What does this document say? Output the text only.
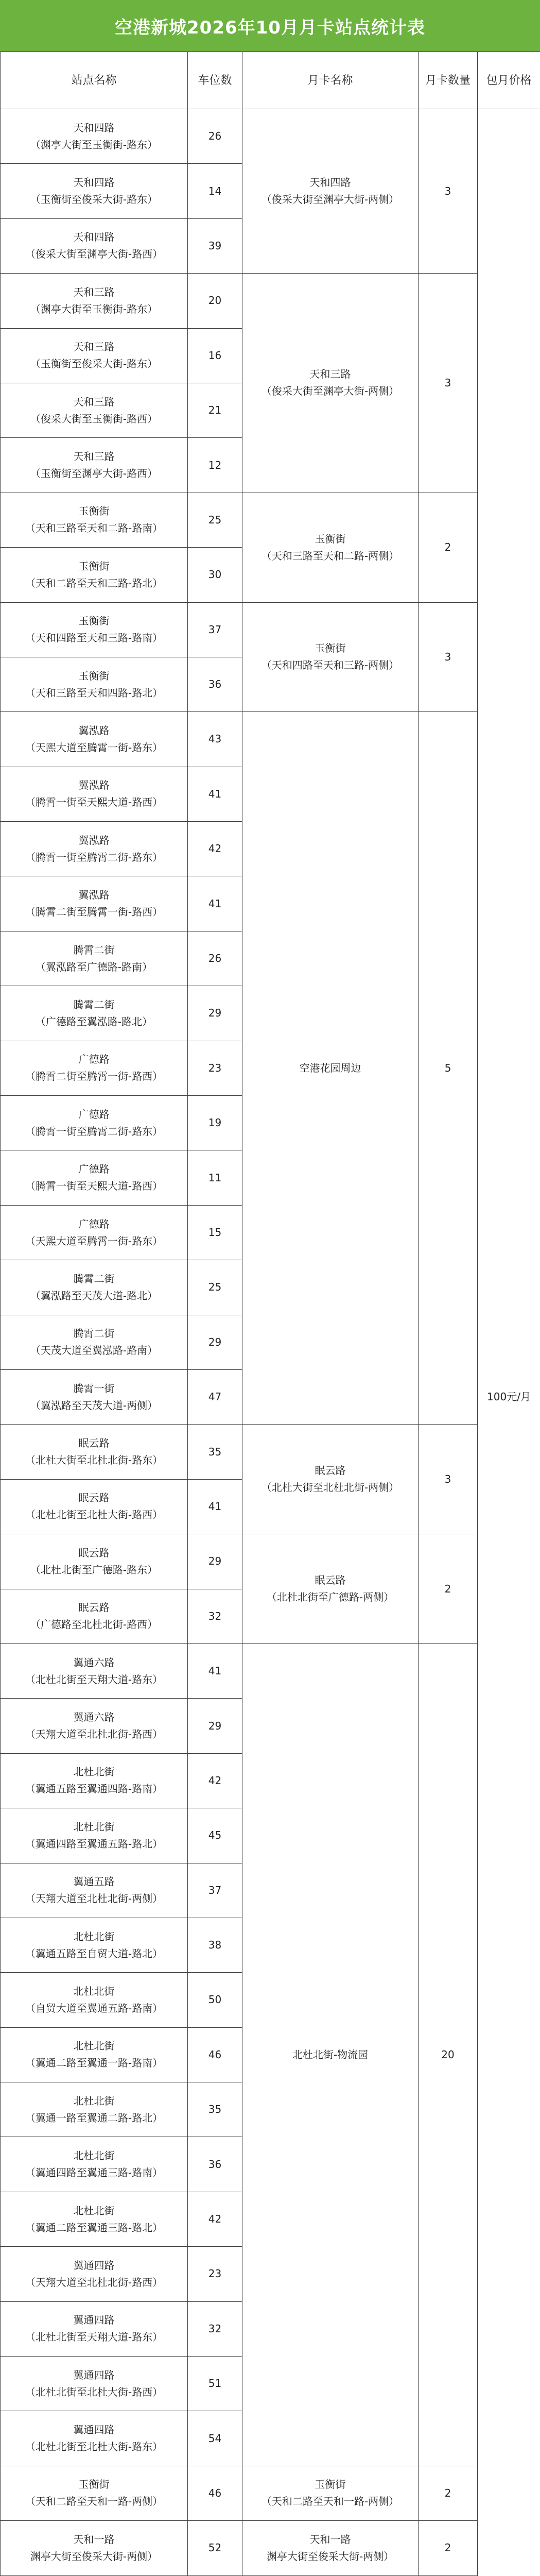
空港新城2026年10月月卡站点统计表
站点名称	车位数	月卡名称	月卡数量	包月价格

天和四路
（渊亭大街至玉衡街-路东）	26	天和四路
（俊采大街至渊亭大街-两侧）	3	100元/月

天和四路
（玉衡街至俊采大街-路东）	14			

天和四路
（俊采大街至渊亭大街-路西）	39			

天和三路
（渊亭大街至玉衡街-路东）	20	天和三路
（俊采大街至渊亭大街-两侧）	3	

天和三路
（玉衡街至俊采大街-路东）	16			

天和三路
（俊采大街至玉衡街-路西）	21			

天和三路
（玉衡街至渊亭大街-路西）	12			

玉衡街
（天和三路至天和二路-路南）	25	玉衡街
（天和三路至天和二路-两侧）	2	

玉衡街
（天和二路至天和三路-路北）	30			

玉衡街
（天和四路至天和三路-路南）	37	玉衡街
（天和四路至天和三路-两侧）	3	

玉衡街
（天和三路至天和四路-路北）	36			

翼泓路
（天熙大道至腾霄一街-路东）	43	空港花园周边	5	

翼泓路
（腾霄一街至天熙大道-路西）	41			

翼泓路
（腾霄一街至腾霄二街-路东）	42			

翼泓路
（腾霄二街至腾霄一街-路西）	41			

腾霄二街
（翼泓路至广德路-路南）	26			

腾霄二街
（广德路至翼泓路-路北）	29			

广德路
（腾霄二街至腾霄一街-路西）	23			

广德路
（腾霄一街至腾霄二街-路东）	19			

广德路
（腾霄一街至天熙大道-路西）	11			

广德路
（天熙大道至腾霄一街-路东）	15			

腾霄二街
（翼泓路至天茂大道-路北）	25			

腾霄二街
（天茂大道至翼泓路-路南）	29			

腾霄一街
（翼泓路至天茂大道-两侧）	47			

眠云路
（北杜大街至北杜北街-路东）	35	眠云路
（北杜大街至北杜北街-两侧）	3	

眠云路
（北杜北街至北杜大街-路西）	41			

眠云路
（北杜北街至广德路-路东）	29	眠云路
（北杜北街至广德路-两侧）	2	

眠云路
（广德路至北杜北街-路西）	32			

翼通六路
（北杜北街至天翔大道-路东）	41	北杜北街-物流园	20	

翼通六路
（天翔大道至北杜北街-路西）	29			

北杜北街
（翼通五路至翼通四路-路南）	42			

北杜北街
（翼通四路至翼通五路-路北）	45			

翼通五路
（天翔大道至北杜北街-两侧）	37			

北杜北街
（翼通五路至自贸大道-路北）	38			

北杜北街
（自贸大道至翼通五路-路南）	50			

北杜北街
（翼通二路至翼通一路-路南）	46			

北杜北街
（翼通一路至翼通二路-路北）	35			

北杜北街
（翼通四路至翼通三路-路南）	36			

北杜北街
（翼通二路至翼通三路-路北）	42			

翼通四路
（天翔大道至北杜北街-路西）	23			

翼通四路
（北杜北街至天翔大道-路东）	32			

翼通四路
（北杜北街至北杜大街-路西）	51			

翼通四路
（北杜北街至北杜大街-路东）	54			

玉衡街
（天和二路至天和一路-两侧）	46	玉衡街
（天和二路至天和一路-两侧）	2	

天和一路
渊亭大街至俊采大街-两侧）	52	天和一路
渊亭大街至俊采大街-两侧）	2	
